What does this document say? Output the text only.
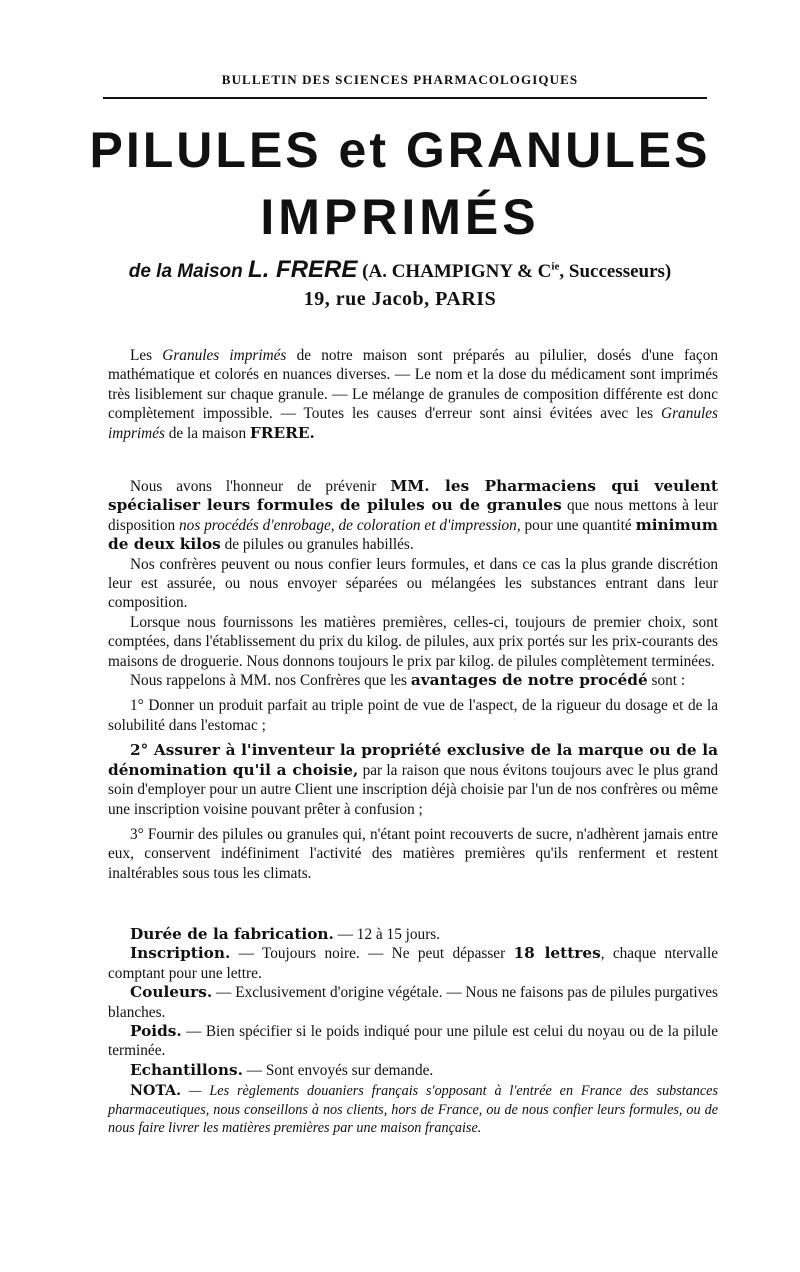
BULLETIN DES SCIENCES PHARMACOLOGIQUES
PILULES et GRANULES
IMPRIMÉS
de la Maison L. FRERE (A. CHAMPIGNY & $C^{ie}$, Successeurs)
19, rue Jacob, PARIS

Les Granules imprimés de notre maison sont préparés au pilulier, dosés d'une façon mathématique et colorés en nuances diverses. — Le nom et la dose du médicament sont imprimés très lisiblement sur chaque granule. — Le mélange de granules de composition différente est donc complètement impossible. — Toutes les causes d'erreur sont ainsi évitées avec les Granules imprimés de la maison FRERE.

Nous avons l'honneur de prévenir MM. les Pharmaciens qui veulent spécialiser leurs formules de pilules ou de granules que nous mettons à leur disposition nos procédés d'enrobage, de coloration et d'impression, pour une quantité minimum de deux kilos de pilules ou granules habillés.

Nos confrères peuvent ou nous confier leurs formules, et dans ce cas la plus grande discrétion leur est assurée, ou nous envoyer séparées ou mélangées les substances entrant dans leur composition.

Lorsque nous fournissons les matières premières, celles-ci, toujours de premier choix, sont comptées, dans l'établissement du prix du kilog. de pilules, aux prix portés sur les prix-courants des maisons de droguerie. Nous donnons toujours le prix par kilog. de pilules complètement terminées.

Nous rappelons à MM. nos Confrères que les avantages de notre procédé sont :

1° Donner un produit parfait au triple point de vue de l'aspect, de la rigueur du dosage et de la solubilité dans l'estomac ;

2° Assurer à l'inventeur la propriété exclusive de la marque ou de la dénomination qu'il a choisie, par la raison que nous évitons toujours avec le plus grand soin d'employer pour un autre Client une inscription déjà choisie par l'un de nos confrères ou même une inscription voisine pouvant prêter à confusion ;

3° Fournir des pilules ou granules qui, n'étant point recouverts de sucre, n'adhèrent jamais entre eux, conservent indéfiniment l'activité des matières premières qu'ils renferment et restent inaltérables sous tous les climats.

Durée de la fabrication. — 12 à 15 jours.

Inscription. — Toujours noire. — Ne peut dépasser 18 lettres, chaque ntervalle comptant pour une lettre.

Couleurs. — Exclusivement d'origine végétale. — Nous ne faisons pas de pilules purgatives blanches.

Poids. — Bien spécifier si le poids indiqué pour une pilule est celui du noyau ou de la pilule terminée.

Echantillons. — Sont envoyés sur demande.

NOTA. — Les règlements douaniers français s'opposant à l'entrée en France des substances pharmaceutiques, nous conseillons à nos clients, hors de France, ou de nous confier leurs formules, ou de nous faire livrer les matières premières par une maison française.
